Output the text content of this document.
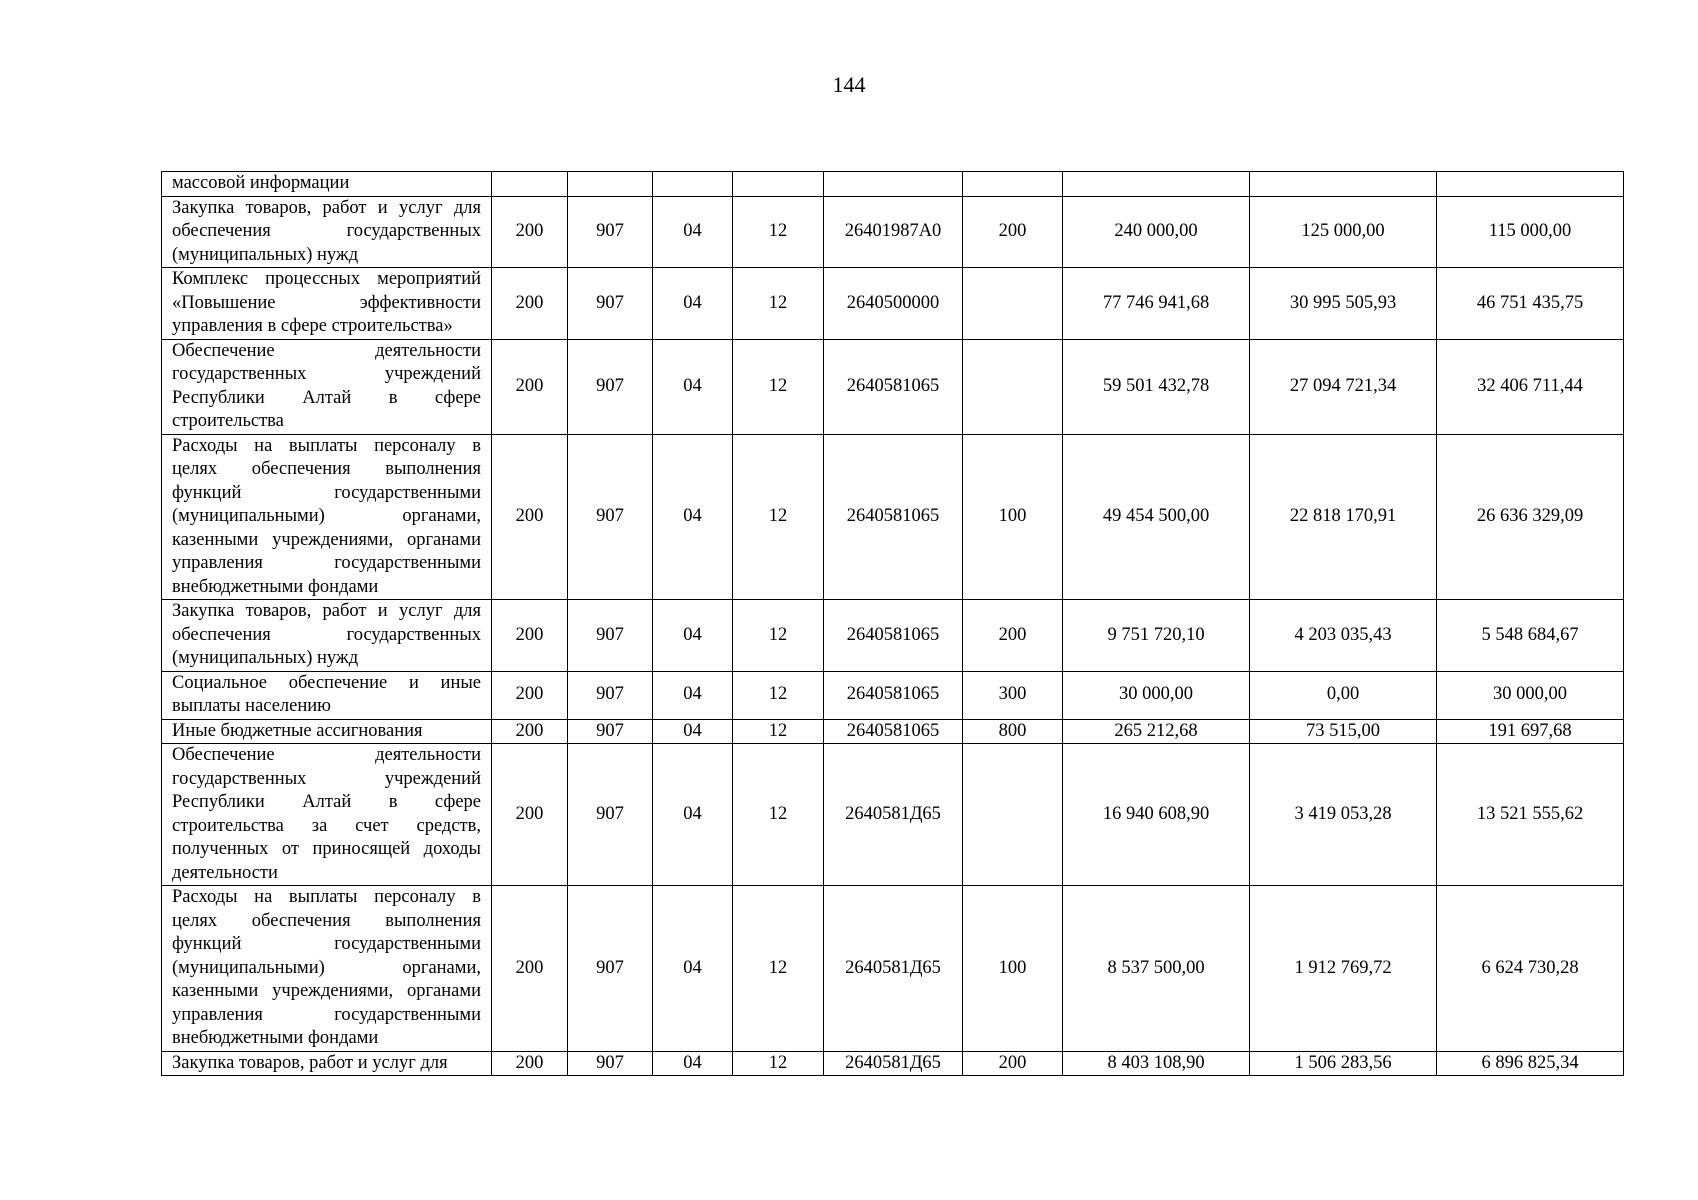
144
массовой информации									
Закупка товаров, работ и услуг для обеспечения государственных (муниципальных) нужд	200	907	04	12	26401987А0	200	240 000,00	125 000,00	115 000,00
Комплекс процессных мероприятий «Повышение эффективности управления в сфере строительства»	200	907	04	12	2640500000		77 746 941,68	30 995 505,93	46 751 435,75
Обеспечение деятельности государственных учреждений Республики Алтай в сфере строительства	200	907	04	12	2640581065		59 501 432,78	27 094 721,34	32 406 711,44
Расходы на выплаты персоналу в целях обеспечения выполнения функций государственными (муниципальными) органами, казенными учреждениями, органами управления государственными внебюджетными фондами	200	907	04	12	2640581065	100	49 454 500,00	22 818 170,91	26 636 329,09
Закупка товаров, работ и услуг для обеспечения государственных (муниципальных) нужд	200	907	04	12	2640581065	200	9 751 720,10	4 203 035,43	5 548 684,67
Социальное обеспечение и иные выплаты населению	200	907	04	12	2640581065	300	30 000,00	0,00	30 000,00
Иные бюджетные ассигнования	200	907	04	12	2640581065	800	265 212,68	73 515,00	191 697,68
Обеспечение деятельности государственных учреждений Республики Алтай в сфере строительства за счет средств, полученных от приносящей доходы деятельности	200	907	04	12	2640581Д65		16 940 608,90	3 419 053,28	13 521 555,62
Расходы на выплаты персоналу в целях обеспечения выполнения функций государственными (муниципальными) органами, казенными учреждениями, органами управления государственными внебюджетными фондами	200	907	04	12	2640581Д65	100	8 537 500,00	1 912 769,72	6 624 730,28
Закупка товаров, работ и услуг для	200	907	04	12	2640581Д65	200	8 403 108,90	1 506 283,56	6 896 825,34
